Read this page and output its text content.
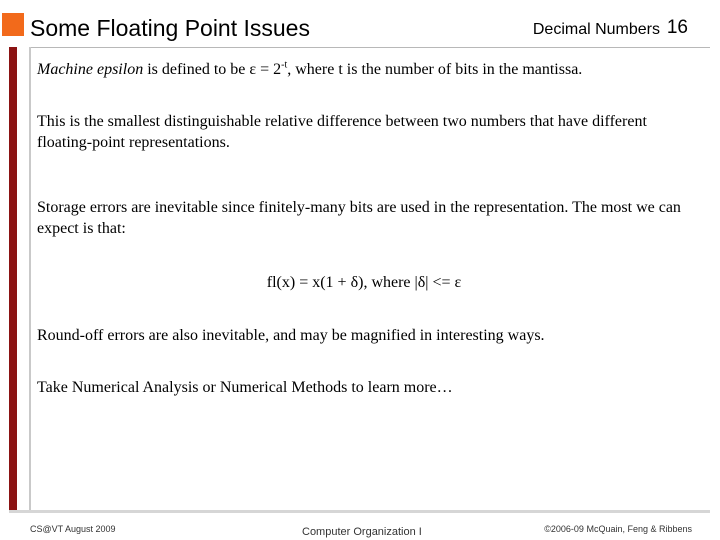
Some Floating Point Issues	Decimal Numbers 16
Machine epsilon is defined to be $\varepsilon = 2^{-t}$, where t is the number of bits in the mantissa.
This is the smallest distinguishable relative difference between two numbers that have different floating-point representations.
Storage errors are inevitable since finitely-many bits are used in the representation. The most we can expect is that:
fl(x) = x(1 + δ), where |δ| <= ε
Round-off errors are also inevitable, and may be magnified in interesting ways.
Take Numerical Analysis or Numerical Methods to learn more…
CS@VT August 2009	Computer Organization I	©2006-09 McQuain, Feng & Ribbens
